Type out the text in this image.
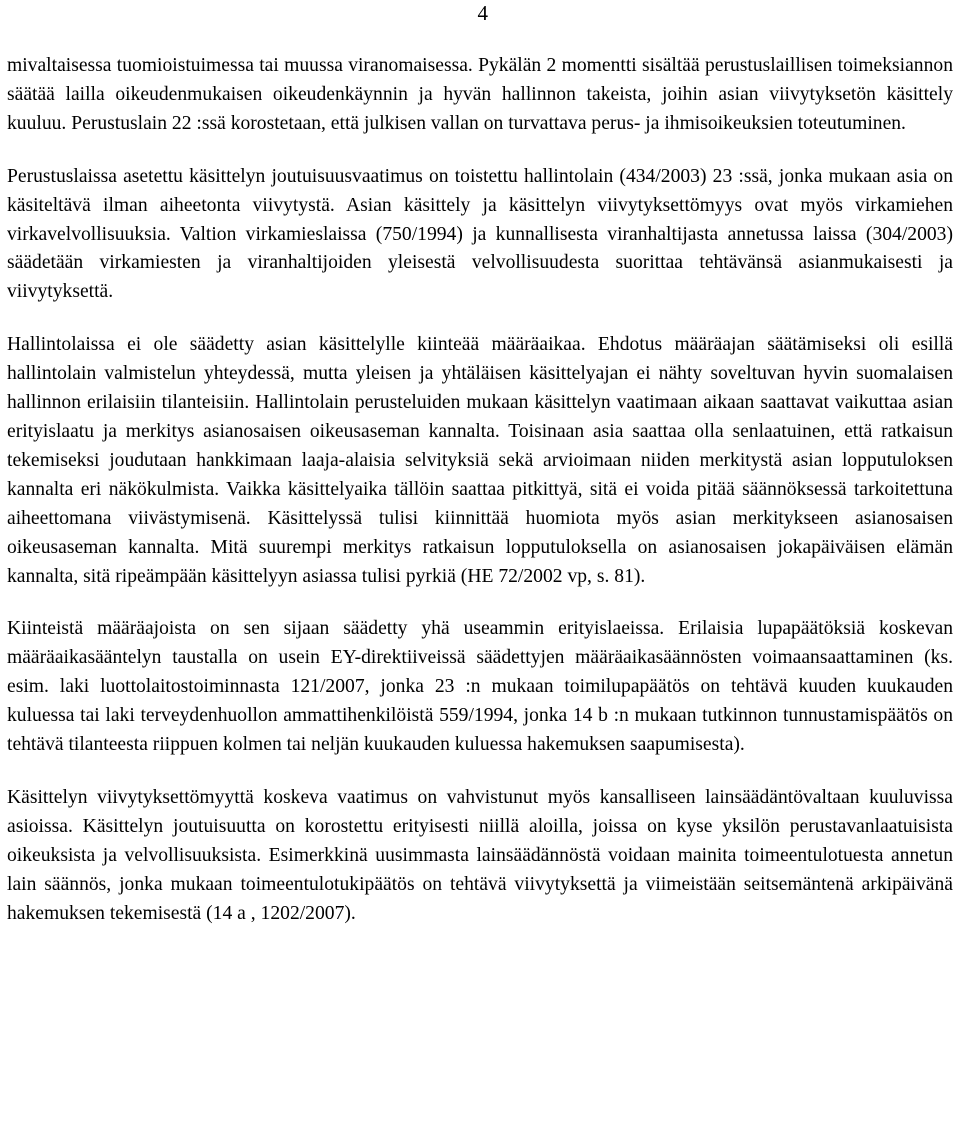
4

mivaltaisessa tuomioistuimessa tai muussa viranomaisessa. Pykälän 2 momentti sisältää perustuslaillisen toimeksiannon säätää lailla oikeudenmukaisen oikeudenkäynnin ja hyvän hallinnon takeista, joihin asian viivytyksetön käsittely kuuluu. Perustuslain 22 :ssä korostetaan, että julkisen vallan on turvattava perus- ja ihmisoikeuksien toteutuminen.

Perustuslaissa asetettu käsittelyn joutuisuusvaatimus on toistettu hallintolain (434/2003) 23 :ssä, jonka mukaan asia on käsiteltävä ilman aiheetonta viivytystä. Asian käsittely ja käsittelyn viivytyksettömyys ovat myös virkamiehen virkavelvollisuuksia. Valtion virkamieslaissa (750/1994) ja kunnallisesta viranhaltijasta annetussa laissa (304/2003) säädetään virkamiesten ja viranhaltijoiden yleisestä velvollisuudesta suorittaa tehtävänsä asianmukaisesti ja viivytyksettä.

Hallintolaissa ei ole säädetty asian käsittelylle kiinteää määräaikaa. Ehdotus määräajan säätämiseksi oli esillä hallintolain valmistelun yhteydessä, mutta yleisen ja yhtäläisen käsittelyajan ei nähty soveltuvan hyvin suomalaisen hallinnon erilaisiin tilanteisiin. Hallintolain perusteluiden mukaan käsittelyn vaatimaan aikaan saattavat vaikuttaa asian erityislaatu ja merkitys asianosaisen oikeusaseman kannalta. Toisinaan asia saattaa olla senlaatuinen, että ratkaisun tekemiseksi joudutaan hankkimaan laaja-alaisia selvityksiä sekä arvioimaan niiden merkitystä asian lopputuloksen kannalta eri näkökulmista. Vaikka käsittelyaika tällöin saattaa pitkittyä, sitä ei voida pitää säännöksessä tarkoitettuna aiheettomana viivästymisenä. Käsittelyssä tulisi kiinnittää huomiota myös asian merkitykseen asianosaisen oikeusaseman kannalta. Mitä suurempi merkitys ratkaisun lopputuloksella on asianosaisen jokapäiväisen elämän kannalta, sitä ripeämpään käsittelyyn asiassa tulisi pyrkiä (HE 72/2002 vp, s. 81).

Kiinteistä määräajoista on sen sijaan säädetty yhä useammin erityislaeissa. Erilaisia lupapäätöksiä koskevan määräaikasääntelyn taustalla on usein EY-direktiiveissä säädettyjen määräaikasäännösten voimaansaattaminen (ks. esim. laki luottolaitostoiminnasta 121/2007, jonka 23 :n mukaan toimilupapäätös on tehtävä kuuden kuukauden kuluessa tai laki terveydenhuollon ammattihenkilöistä 559/1994, jonka 14 b :n mukaan tutkinnon tunnustamispäätös on tehtävä tilanteesta riippuen kolmen tai neljän kuukauden kuluessa hakemuksen saapumisesta).

Käsittelyn viivytyksettömyyttä koskeva vaatimus on vahvistunut myös kansalliseen lainsäädäntövaltaan kuuluvissa asioissa. Käsittelyn joutuisuutta on korostettu erityisesti niillä aloilla, joissa on kyse yksilön perustavanlaatuisista oikeuksista ja velvollisuuksista. Esimerkkinä uusimmasta lainsäädännöstä voidaan mainita toimeentulotuesta annetun lain säännös, jonka mukaan toimeentulotukipäätös on tehtävä viivytyksettä ja viimeistään seitsemäntenä arkipäivänä hakemuksen tekemisestä (14 a , 1202/2007).
